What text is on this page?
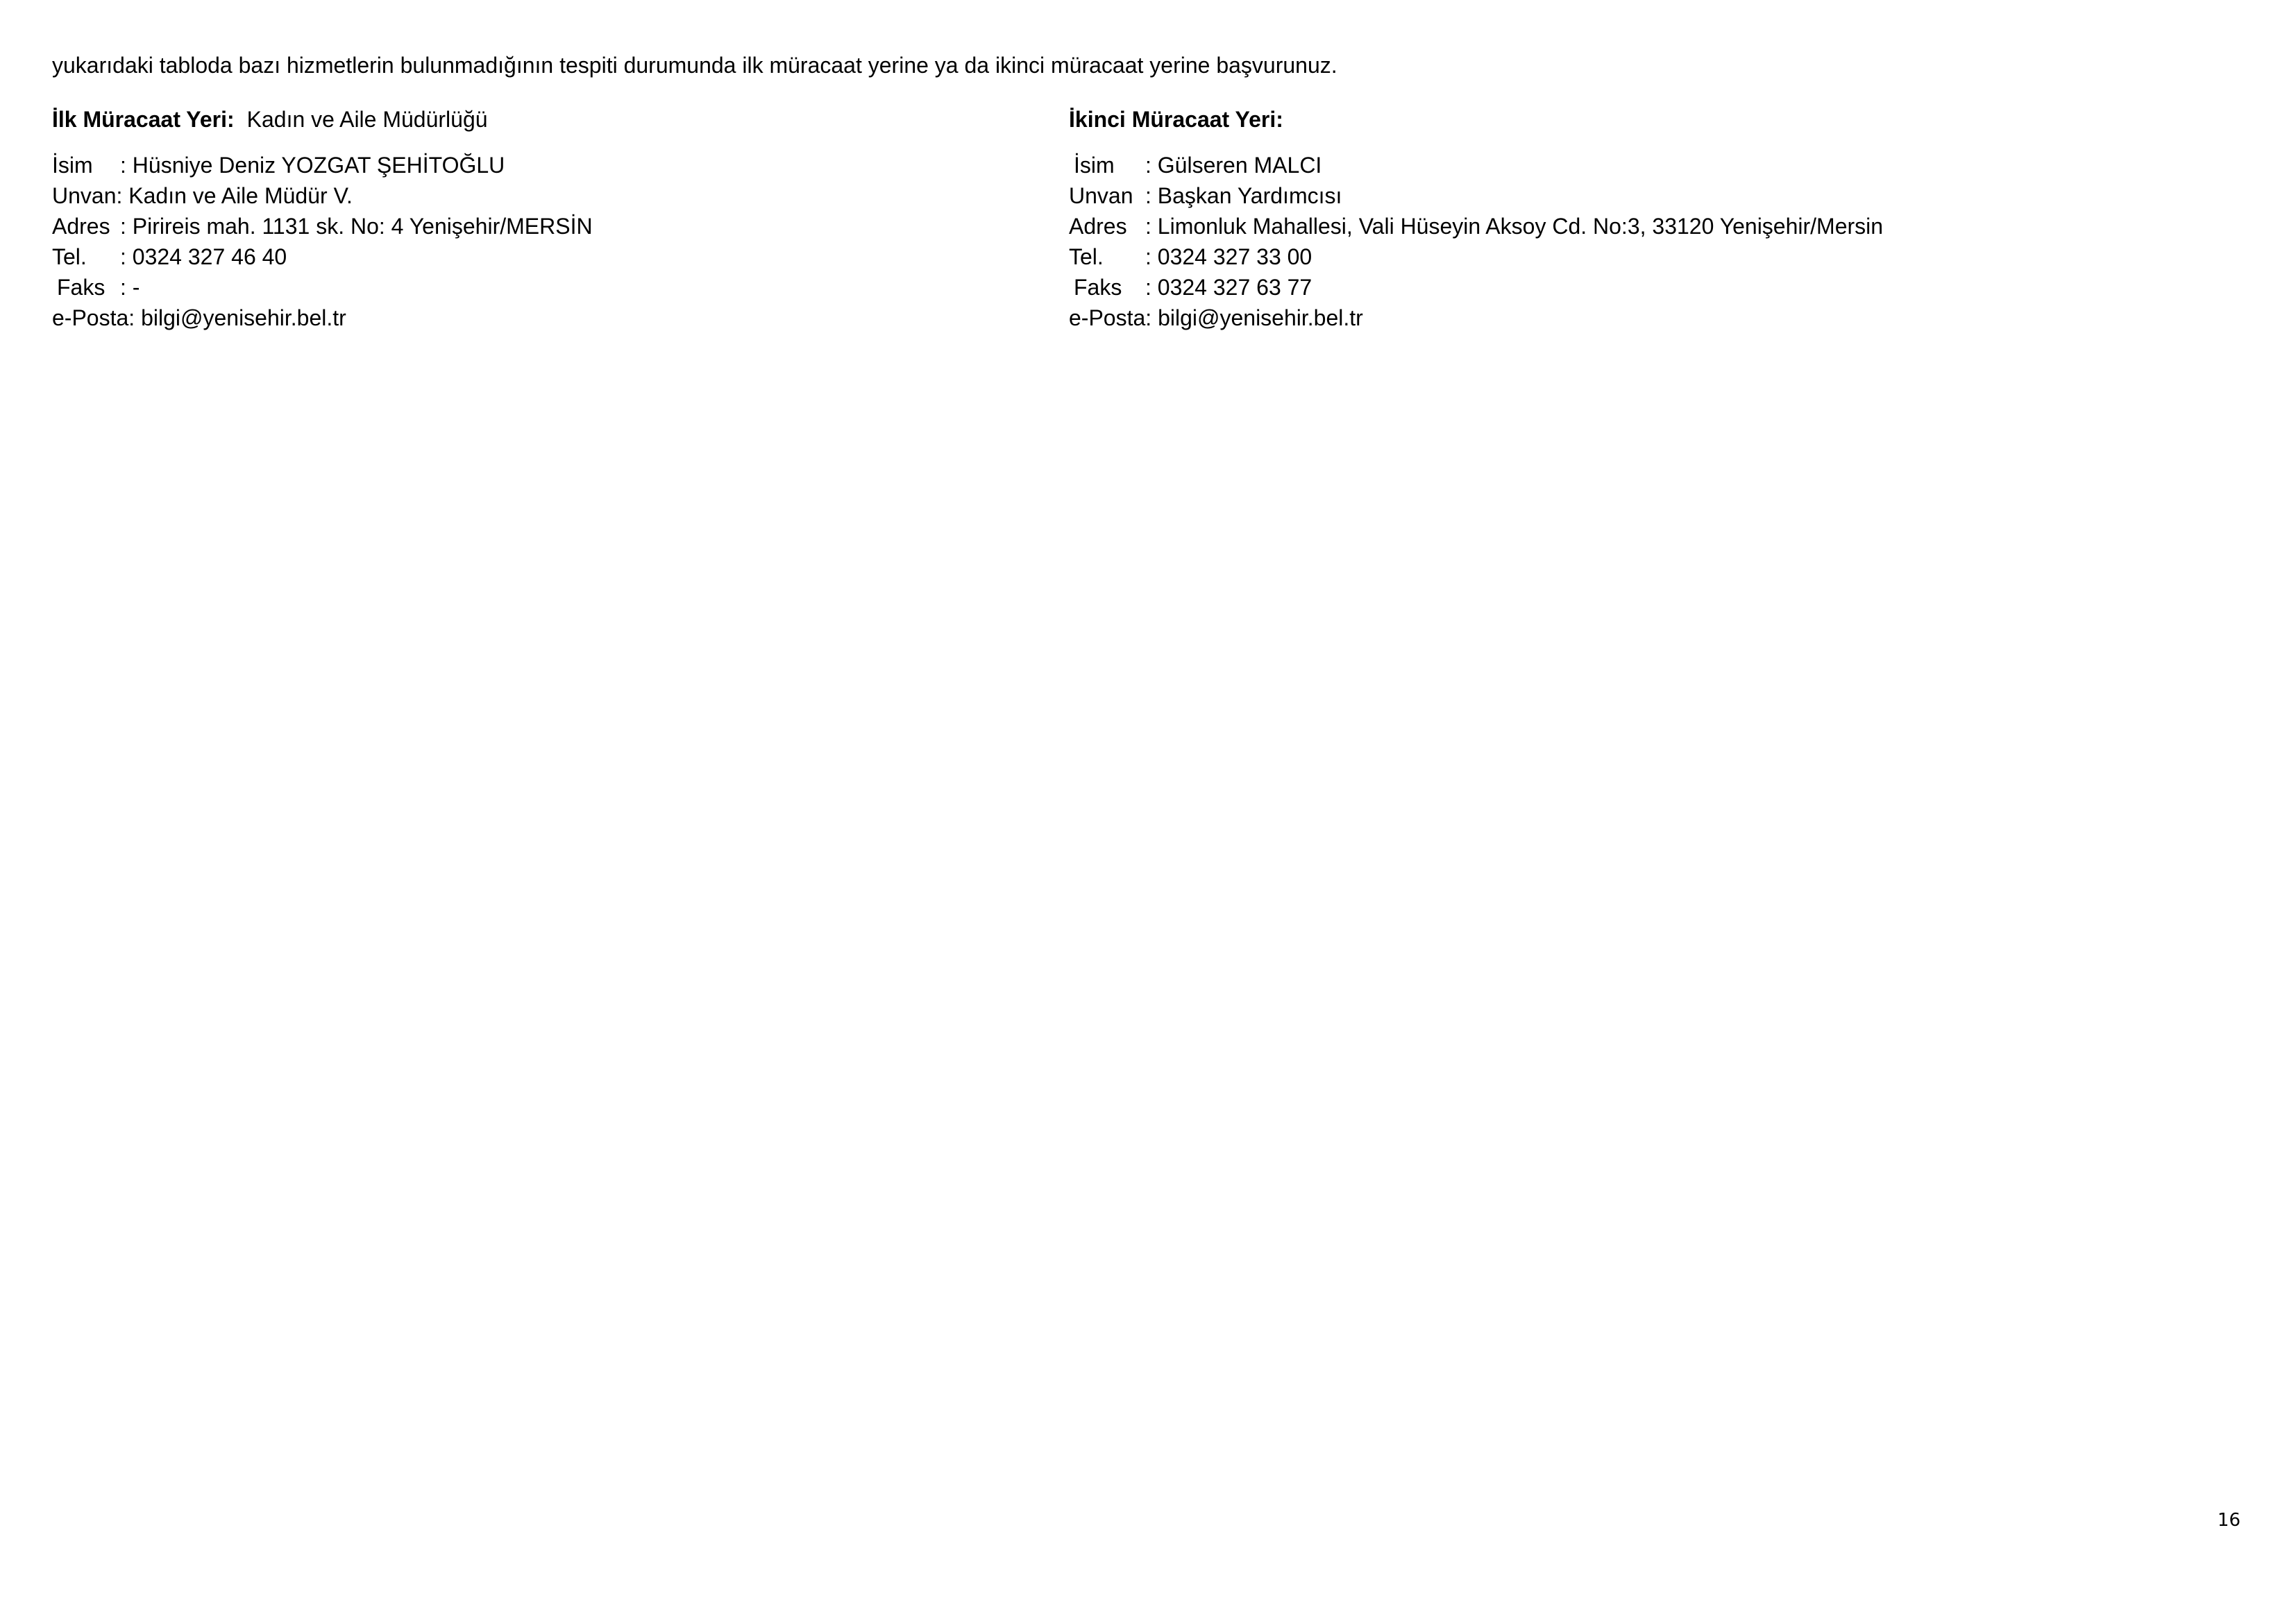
yukarıdaki tabloda bazı hizmetlerin bulunmadığının tespiti durumunda ilk müracaat yerine ya da ikinci müracaat yerine başvurunuz.
İlk Müracaat Yeri: Kadın ve Aile Müdürlüğü
İsim	: Hüsniye Deniz YOZGAT ŞEHİTOĞLU
Unvan : Kadın ve Aile Müdür V.
Adres : Pirireis mah. 1131 sk. No: 4 Yenişehir/MERSİN
Tel.	: 0324 327 46 40
Faks : -
e-Posta : bilgi@yenisehir.bel.tr
İkinci Müracaat Yeri:
İsim	: Gülseren MALCI
Unvan : Başkan Yardımcısı
Adres : Limonluk Mahallesi, Vali Hüseyin Aksoy Cd. No:3, 33120 Yenişehir/Mersin
Tel.	: 0324 327 33 00
Faks	: 0324 327 63 77
e-Posta : bilgi@yenisehir.bel.tr
16
